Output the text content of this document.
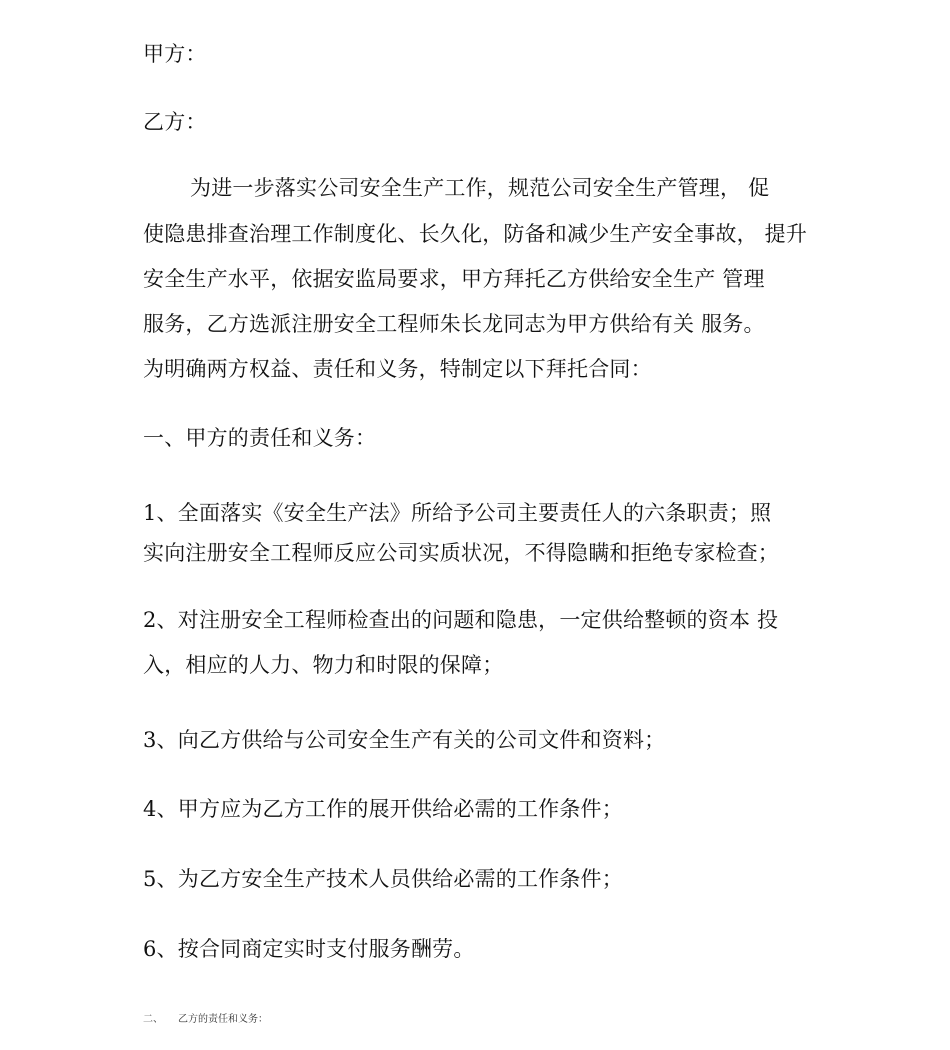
甲方：
乙方：
为进一步落实公司安全生产工作，规范公司安全生产管理， 促
使隐患排查治理工作制度化、长久化，防备和减少生产安全事故， 提升
安全生产水平，依据安监局要求，甲方拜托乙方供给安全生产 管理
服务，乙方选派注册安全工程师朱长龙同志为甲方供给有关 服务。
为明确两方权益、责任和义务，特制定以下拜托合同：
一、甲方的责任和义务：
1、全面落实《安全生产法》所给予公司主要责任人的六条职责；照
实向注册安全工程师反应公司实质状况，不得隐瞒和拒绝专家检查；
2、对注册安全工程师检查出的问题和隐患，一定供给整顿的资本 投
入，相应的人力、物力和时限的保障；
3、向乙方供给与公司安全生产有关的公司文件和资料；
4、甲方应为乙方工作的展开供给必需的工作条件；
5、为乙方安全生产技术人员供给必需的工作条件；
6、按合同商定实时支付服务酬劳。
二、 乙方的责任和义务：
